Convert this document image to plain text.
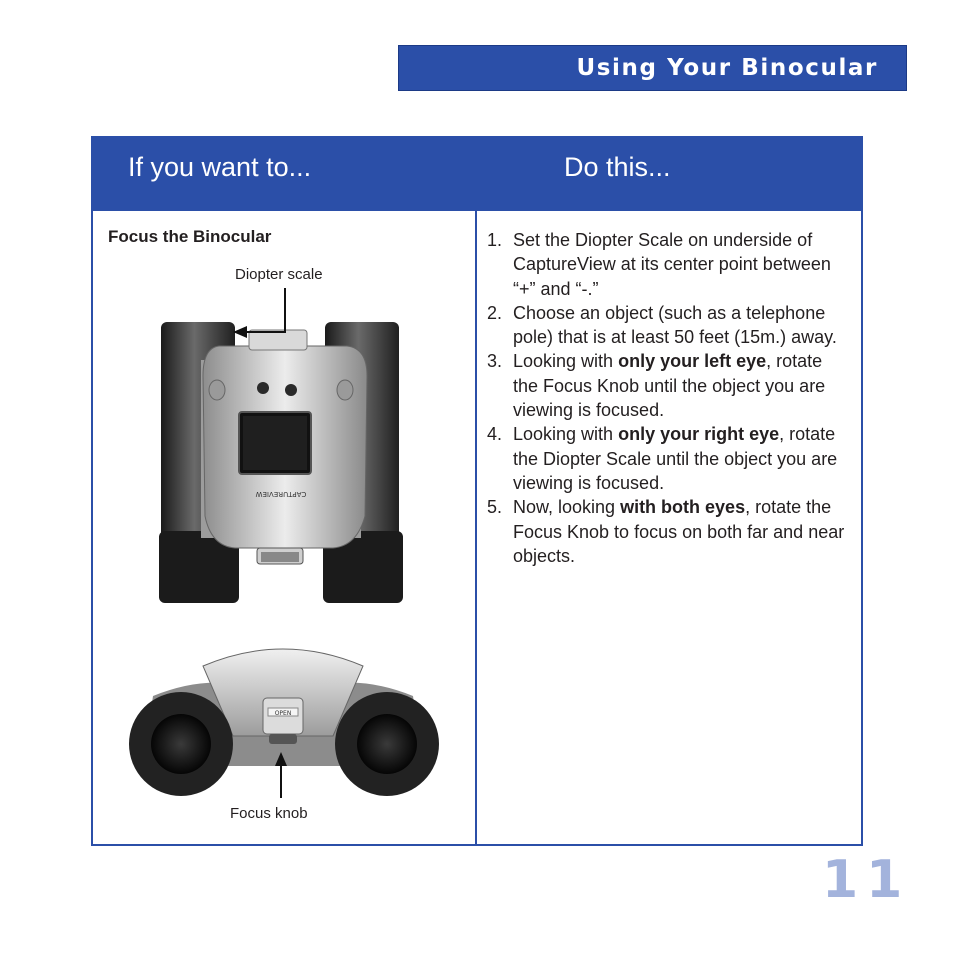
Using Your Binocular
If you want to...	Do this...
Focus the Binocular
Diopter scale
Focus knob
CAPTUREVIEW
OPEN
1. Set the Diopter Scale on underside of CaptureView at its center point between “+” and “-.”
2. Choose an object (such as a telephone pole) that is at least 50 feet (15m.) away.
3. Looking with only your left eye, rotate the Focus Knob until the object you are viewing is focused.
4. Looking with only your right eye, rotate the Diopter Scale until the object you are viewing is focused.
5. Now, looking with both eyes, rotate the Focus Knob to focus on both far and near objects.
11
